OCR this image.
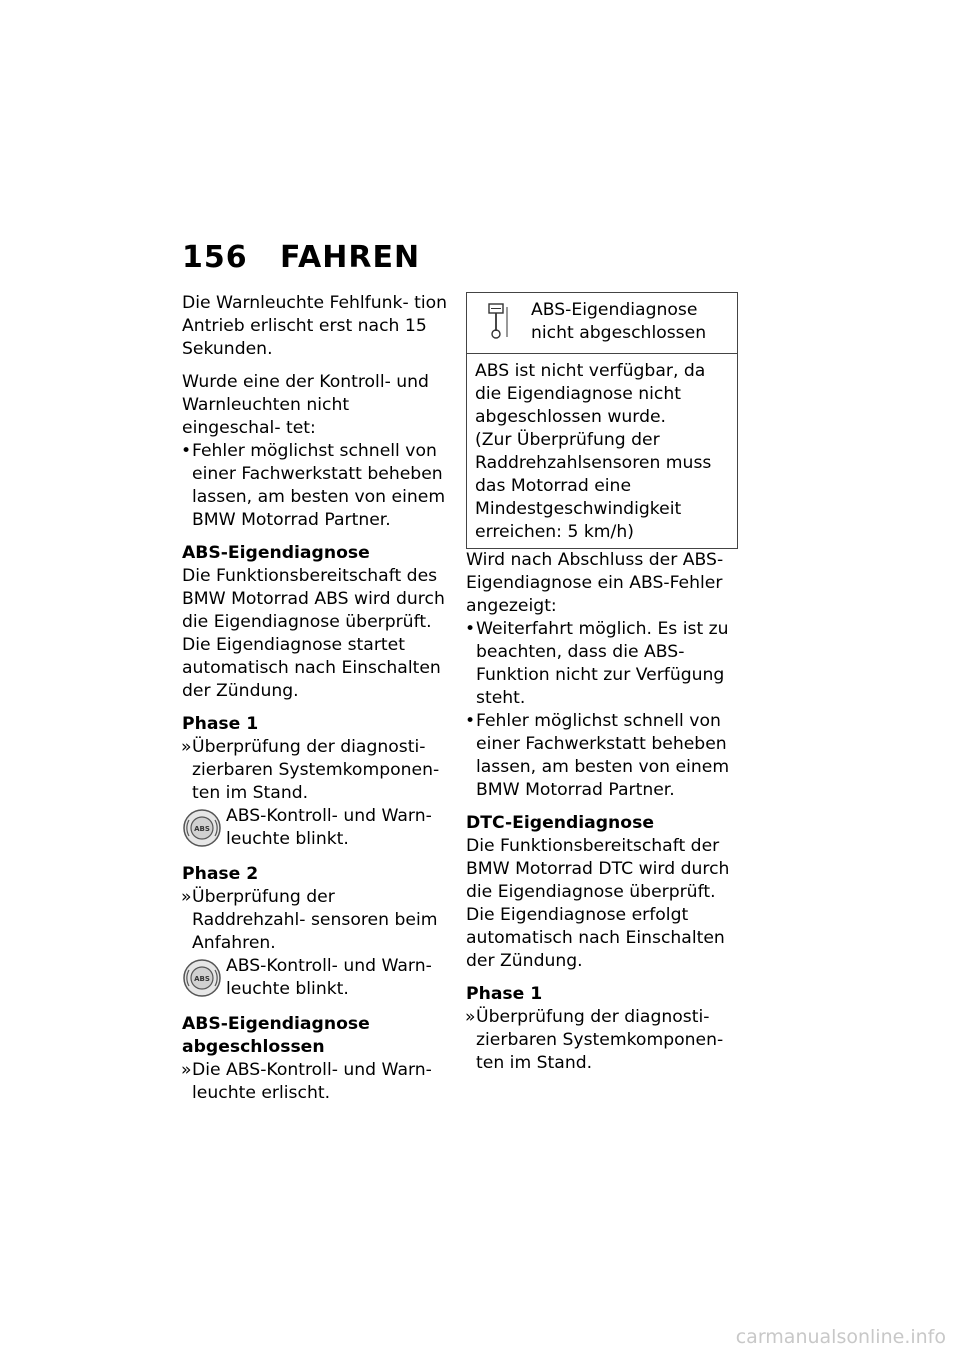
156 FAHREN

Die Warnleuchte Fehlfunk- tion Antrieb erlischt erst nach 15 Sekunden.

Wurde eine der Kontroll- und Warnleuchten nicht eingeschal- tet:

• Fehler möglichst schnell von einer Fachwerkstatt beheben lassen, am besten von einem BMW Motorrad Partner.
ABS-Eigendiagnose

Die Funktionsbereitschaft des BMW Motorrad ABS wird durch die Eigendiagnose überprüft. Die Eigendiagnose startet automatisch nach Einschalten der Zündung.

Phase 1
» Überprüfung der diagnosti- zierbaren Systemkomponen- ten im Stand.
ABS
ABS-Kontroll- und Warn- leuchte blinkt.
Phase 2
» Überprüfung der Raddrehzahl- sensoren beim Anfahren.
ABS
ABS-Kontroll- und Warn- leuchte blinkt.
ABS-Eigendiagnose
abgeschlossen
» Die ABS-Kontroll- und Warn- leuchte erlischt.
ABS-Eigendiagnose nicht abgeschlossen

ABS ist nicht verfügbar, da die Eigendiagnose nicht abgeschlossen wurde.

(Zur Überprüfung der Raddrehzahlsensoren muss das Motorrad eine Mindestgeschwindigkeit erreichen: 5 km/h)

Wird nach Abschluss der ABS- Eigendiagnose ein ABS-Fehler angezeigt:

• Weiterfahrt möglich. Es ist zu beachten, dass die ABS- Funktion nicht zur Verfügung steht.
• Fehler möglichst schnell von einer Fachwerkstatt beheben lassen, am besten von einem BMW Motorrad Partner.
DTC-Eigendiagnose

Die Funktionsbereitschaft der BMW Motorrad DTC wird durch die Eigendiagnose überprüft. Die Eigendiagnose erfolgt automatisch nach Einschalten der Zündung.

Phase 1
» Überprüfung der diagnosti- zierbaren Systemkomponen- ten im Stand.
carmanualsonline.info
